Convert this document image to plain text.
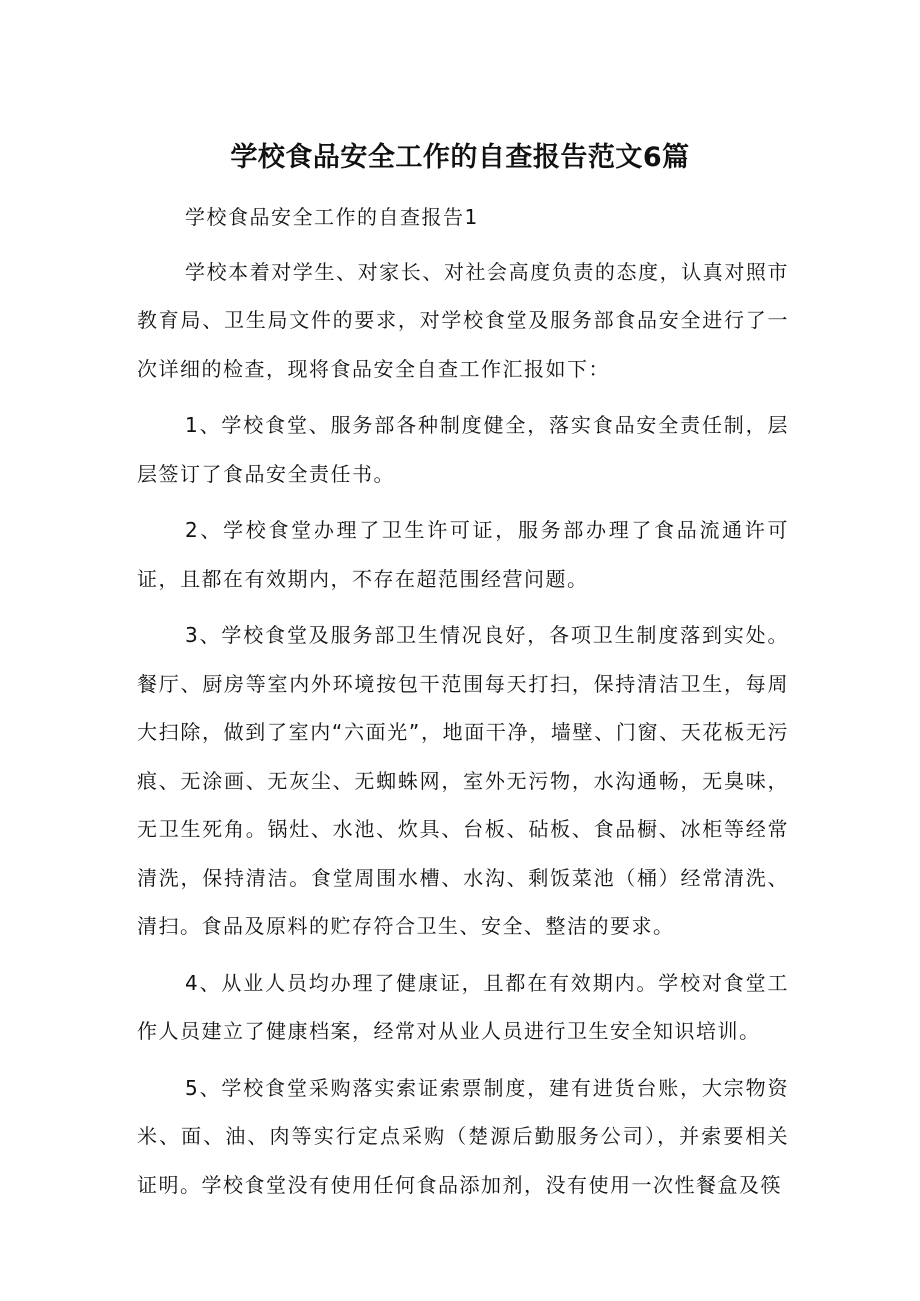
学校食品安全工作的自查报告范文6篇

学校食品安全工作的自查报告1

学校本着对学生、对家长、对社会高度负责的态度，认真对照市教育局、卫生局文件的要求，对学校食堂及服务部食品安全进行了一次详细的检查，现将食品安全自查工作汇报如下：

1、学校食堂、服务部各种制度健全，落实食品安全责任制，层层签订了食品安全责任书。

2、学校食堂办理了卫生许可证，服务部办理了食品流通许可证，且都在有效期内，不存在超范围经营问题。

3、学校食堂及服务部卫生情况良好，各项卫生制度落到实处。餐厅、厨房等室内外环境按包干范围每天打扫，保持清洁卫生，每周大扫除，做到了室内“六面光”，地面干净，墙壁、门窗、天花板无污痕、无涂画、无灰尘、无蜘蛛网，室外无污物，水沟通畅，无臭味，无卫生死角。锅灶、水池、炊具、台板、砧板、食品橱、冰柜等经常清洗，保持清洁。食堂周围水槽、水沟、剩饭菜池（桶）经常清洗、清扫。食品及原料的贮存符合卫生、安全、整洁的要求。

4、从业人员均办理了健康证，且都在有效期内。学校对食堂工作人员建立了健康档案，经常对从业人员进行卫生安全知识培训。

5、学校食堂采购落实索证索票制度，建有进货台账，大宗物资米、面、油、肉等实行定点采购（楚源后勤服务公司），并索要相关证明。学校食堂没有使用任何食品添加剂，没有使用一次性餐盒及筷
